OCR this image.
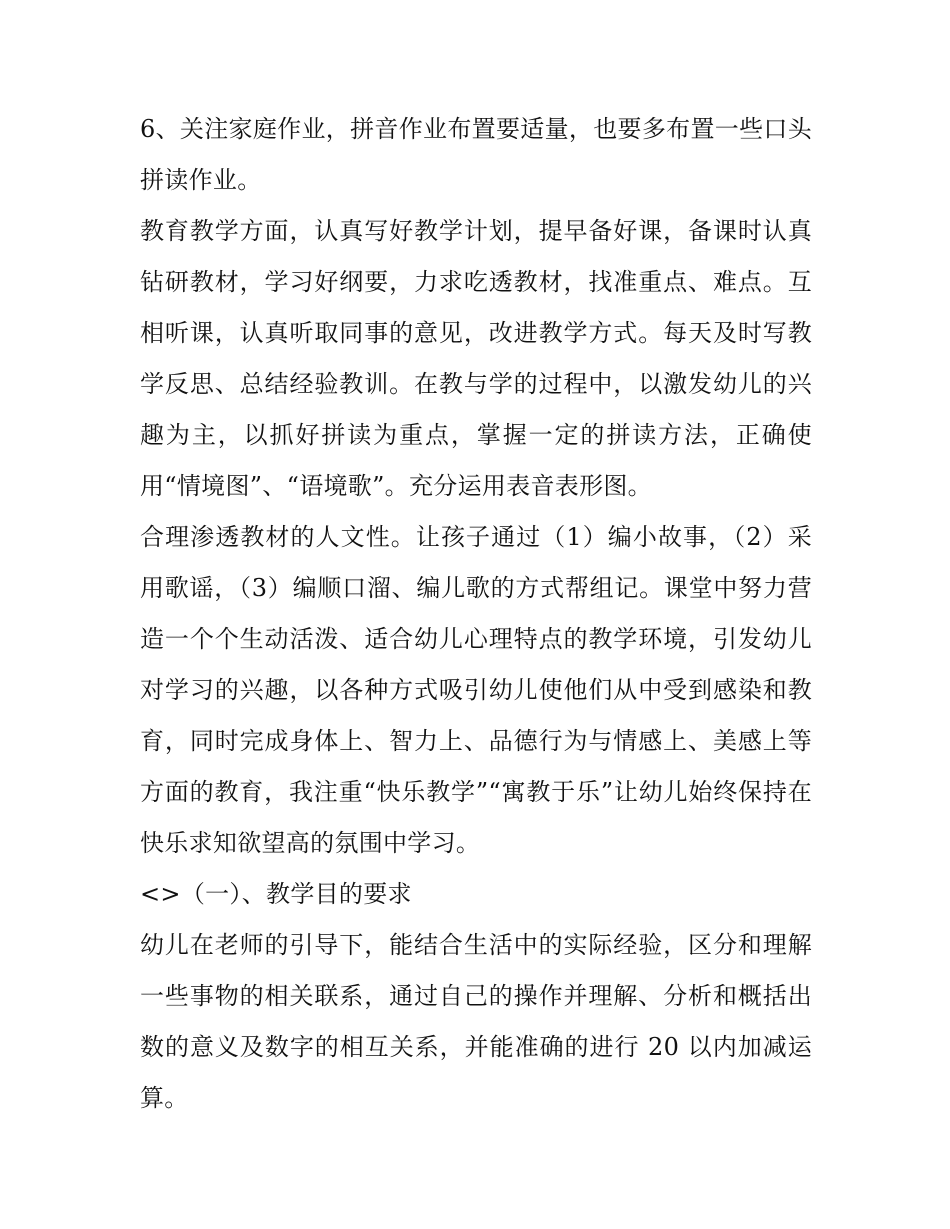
6、关注家庭作业，拼音作业布置要适量，也要多布置一些口头拼读作业。

教育教学方面，认真写好教学计划，提早备好课，备课时认真钻研教材，学习好纲要，力求吃透教材，找准重点、难点。互相听课，认真听取同事的意见，改进教学方式。每天及时写教学反思、总结经验教训。在教与学的过程中，以激发幼儿的兴趣为主，以抓好拼读为重点，掌握一定的拼读方法，正确使用“情境图”、“语境歌”。充分运用表音表形图。

合理渗透教材的人文性。让孩子通过（1）编小故事，（2）采用歌谣，（3）编顺口溜、编儿歌的方式帮组记。课堂中努力营造一个个生动活泼、适合幼儿心理特点的教学环境，引发幼儿对学习的兴趣，以各种方式吸引幼儿使他们从中受到感染和教育，同时完成身体上、智力上、品德行为与情感上、美感上等方面的教育，我注重“快乐教学”“寓教于乐”让幼儿始终保持在快乐求知欲望高的氛围中学习。

<>（一）、教学目的要求

幼儿在老师的引导下，能结合生活中的实际经验，区分和理解一些事物的相关联系，通过自己的操作并理解、分析和概括出数的意义及数字的相互关系，并能准确的进行 20 以内加减运算。
